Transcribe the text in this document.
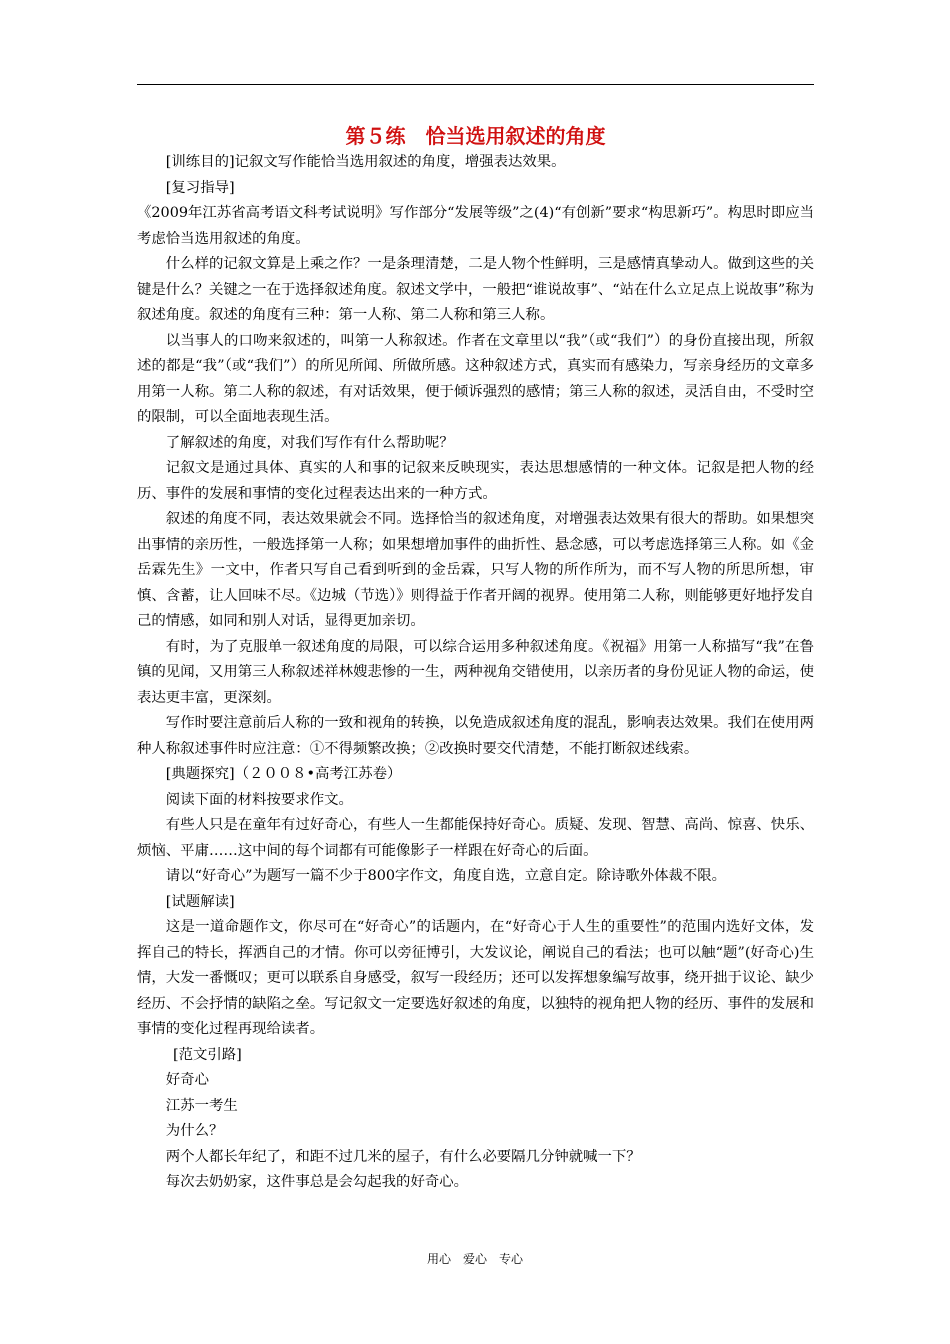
第５练　恰当选用叙述的角度

[训练目的]记叙文写作能恰当选用叙述的角度，增强表达效果。

[复习指导]

《2009年江苏省高考语文科考试说明》写作部分“发展等级”之(4)“有创新”要求“构思新巧”。构思时即应当考虑恰当选用叙述的角度。

什么样的记叙文算是上乘之作？一是条理清楚，二是人物个性鲜明，三是感情真挚动人。做到这些的关键是什么？关键之一在于选择叙述角度。叙述文学中，一般把“谁说故事”、“站在什么立足点上说故事”称为叙述角度。叙述的角度有三种：第一人称、第二人称和第三人称。

以当事人的口吻来叙述的，叫第一人称叙述。作者在文章里以“我”（或“我们”）的身份直接出现，所叙述的都是“我”（或“我们”）的所见所闻、所做所感。这种叙述方式，真实而有感染力，写亲身经历的文章多用第一人称。第二人称的叙述，有对话效果，便于倾诉强烈的感情；第三人称的叙述，灵活自由，不受时空的限制，可以全面地表现生活。

了解叙述的角度，对我们写作有什么帮助呢？

记叙文是通过具体、真实的人和事的记叙来反映现实，表达思想感情的一种文体。记叙是把人物的经历、事件的发展和事情的变化过程表达出来的一种方式。

叙述的角度不同，表达效果就会不同。选择恰当的叙述角度，对增强表达效果有很大的帮助。如果想突出事情的亲历性，一般选择第一人称；如果想增加事件的曲折性、悬念感，可以考虑选择第三人称。如《金岳霖先生》一文中，作者只写自己看到听到的金岳霖，只写人物的所作所为，而不写人物的所思所想，审慎、含蓄，让人回味不尽。《边城（节选）》则得益于作者开阔的视界。使用第二人称，则能够更好地抒发自己的情感，如同和别人对话，显得更加亲切。

有时，为了克服单一叙述角度的局限，可以综合运用多种叙述角度。《祝福》用第一人称描写“我”在鲁镇的见闻，又用第三人称叙述祥林嫂悲惨的一生，两种视角交错使用，以亲历者的身份见证人物的命运，使表达更丰富，更深刻。

写作时要注意前后人称的一致和视角的转换，以免造成叙述角度的混乱，影响表达效果。我们在使用两种人称叙述事件时应注意：①不得频繁改换；②改换时要交代清楚，不能打断叙述线索。

[典题探究]（２００８•高考江苏卷）

阅读下面的材料按要求作文。

有些人只是在童年有过好奇心，有些人一生都能保持好奇心。质疑、发现、智慧、高尚、惊喜、快乐、烦恼、平庸……这中间的每个词都有可能像影子一样跟在好奇心的后面。

请以“好奇心”为题写一篇不少于800字作文，角度自选，立意自定。除诗歌外体裁不限。

[试题解读]

这是一道命题作文，你尽可在“好奇心”的话题内，在“好奇心于人生的重要性”的范围内选好文体，发挥自己的特长，挥洒自己的才情。你可以旁征博引，大发议论，阐说自己的看法；也可以触“题”(好奇心)生情，大发一番慨叹；更可以联系自身感受，叙写一段经历；还可以发挥想象编写故事，绕开拙于议论、缺少经历、不会抒情的缺陷之垒。写记叙文一定要选好叙述的角度，以独特的视角把人物的经历、事件的发展和事情的变化过程再现给读者。

[范文引路]

好奇心

江苏一考生

为什么？

两个人都长年纪了，和距不过几米的屋子，有什么必要隔几分钟就喊一下？

每次去奶奶家，这件事总是会勾起我的好奇心。

用心　爱心　专心
